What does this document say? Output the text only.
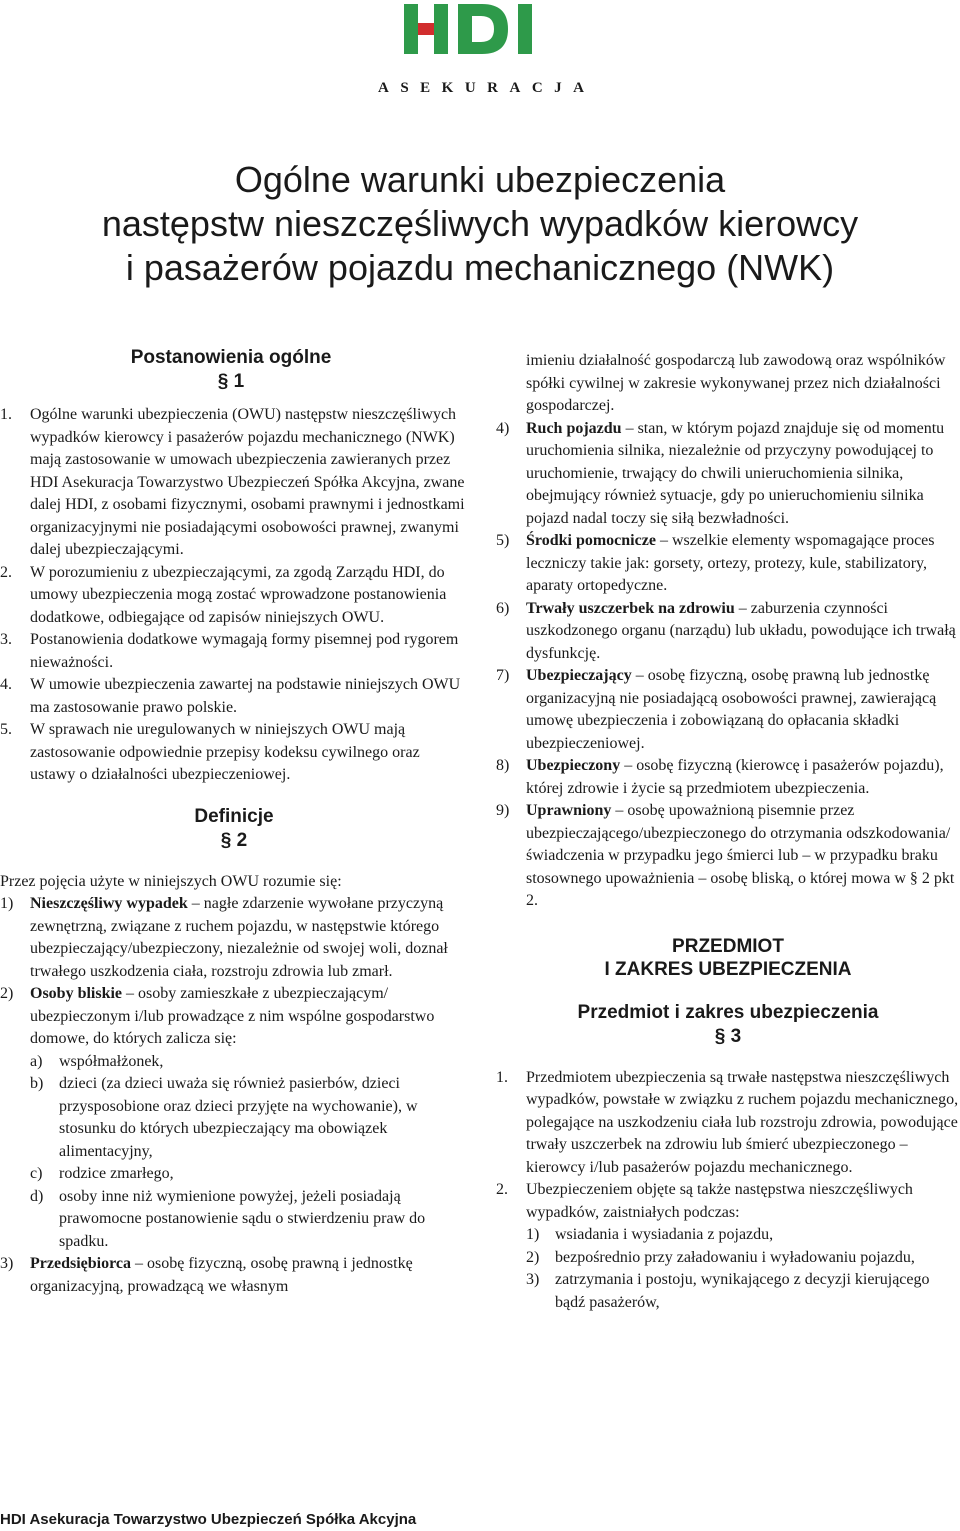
ASEKURACJA
Ogólne warunki ubezpieczenia
następstw nieszczęśliwych wypadków kierowcy
i pasażerów pojazdu mechanicznego (NWK)
Postanowienia ogólne
§ 1
1.	Ogólne warunki ubezpieczenia (OWU) następstw nieszczęśliwych wypadków kierowcy i pasażerów pojazdu mechanicznego (NWK) mają zastosowanie w umowach ubezpieczenia zawieranych przez HDI Asekuracja Towarzystwo Ubezpieczeń Spółka Akcyjna, zwane dalej HDI, z osobami fizycznymi, osobami prawnymi i jednostkami organizacyjnymi nie posiadającymi osobowości prawnej, zwanymi dalej ubezpieczającymi.
2.	W porozumieniu z ubezpieczającymi, za zgodą Zarządu HDI, do umowy ubezpieczenia mogą zostać wprowadzone postanowienia dodatkowe, odbiegające od zapisów niniejszych OWU.
3.	Postanowienia dodatkowe wymagają formy pisemnej pod rygorem nieważności.
4.	W umowie ubezpieczenia zawartej na podstawie niniejszych OWU ma zastosowanie prawo polskie.
5.	W sprawach nie uregulowanych w niniejszych OWU mają zastosowanie odpowiednie przepisy kodeksu cywilnego oraz ustawy o działalności ubezpieczeniowej.
Definicje
§ 2
Przez pojęcia użyte w niniejszych OWU rozumie się:
1)	Nieszczęśliwy wypadek – nagłe zdarzenie wywołane przyczyną zewnętrzną, związane z ruchem pojazdu, w następstwie którego ubezpieczający/ubezpieczony, niezależnie od swojej woli, doznał trwałego uszkodzenia ciała, rozstroju zdrowia lub zmarł.
2)	Osoby bliskie – osoby zamieszkałe z ubezpieczającym/ ubezpieczonym i/lub prowadzące z nim wspólne gospodarstwo domowe, do których zalicza się:
a)	współmałżonek,
b) dzieci (za dzieci uważa się również pasierbów, dzieci przysposobione oraz dzieci przyjęte na wychowanie), w stosunku do których ubezpieczający ma obowiązek alimentacyjny,
c)	rodzice zmarłego,
d) osoby inne niż wymienione powyżej, jeżeli posiadają prawomocne postanowienie sądu o stwierdzeniu praw do spadku.
3)	Przedsiębiorca – osobę fizyczną, osobę prawną i jednostkę organizacyjną, prowadzącą we własnym
imieniu działalność gospodarczą lub zawodową oraz wspólników spółki cywilnej w zakresie wykonywanej przez nich działalności gospodarczej.
4)	Ruch pojazdu – stan, w którym pojazd znajduje się od momentu uruchomienia silnika, niezależnie od przyczyny powodującej to uruchomienie, trwający do chwili unieruchomienia silnika, obejmujący również sytuacje, gdy po unieruchomieniu silnika pojazd nadal toczy się siłą bezwładności.
5)	Środki pomocnicze – wszelkie elementy wspomagające proces leczniczy takie jak: gorsety, ortezy, protezy, kule, stabilizatory, aparaty ortopedyczne.
6)	Trwały uszczerbek na zdrowiu – zaburzenia czynności uszkodzonego organu (narządu) lub układu, powodujące ich trwałą dysfunkcję.
7)	Ubezpieczający – osobę fizyczną, osobę prawną lub jednostkę organizacyjną nie posiadającą osobowości prawnej, zawierającą umowę ubezpieczenia i zobowiązaną do opłacania składki ubezpieczeniowej.
8)	Ubezpieczony – osobę fizyczną (kierowcę i pasażerów pojazdu), której zdrowie i życie są przedmiotem ubezpieczenia.
9)	Uprawniony – osobę upoważnioną pisemnie przez ubezpieczającego/ubezpieczonego do otrzymania odszkodowania/świadczenia w przypadku jego śmierci lub – w przypadku braku stosownego upoważnienia – osobę bliską, o której mowa w § 2 pkt 2.
PRZEDMIOT
I ZAKRES UBEZPIECZENIA
Przedmiot i zakres ubezpieczenia
§ 3
1.	Przedmiotem ubezpieczenia są trwałe następstwa nieszczęśliwych wypadków, powstałe w związku z ruchem pojazdu mechanicznego, polegające na uszkodzeniu ciała lub rozstroju zdrowia, powodujące trwały uszczerbek na zdrowiu lub śmierć ubezpieczonego – kierowcy i/lub pasażerów pojazdu mechanicznego.
2.	Ubezpieczeniem objęte są także następstwa nieszczęśliwych wypadków, zaistniałych podczas:
1) wsiadania i wysiadania z pojazdu,
2) bezpośrednio przy załadowaniu i wyładowaniu pojazdu,
3) zatrzymania i postoju, wynikającego z decyzji kierującego bądź pasażerów,
HDI Asekuracja Towarzystwo Ubezpieczeń Spółka Akcyjna
